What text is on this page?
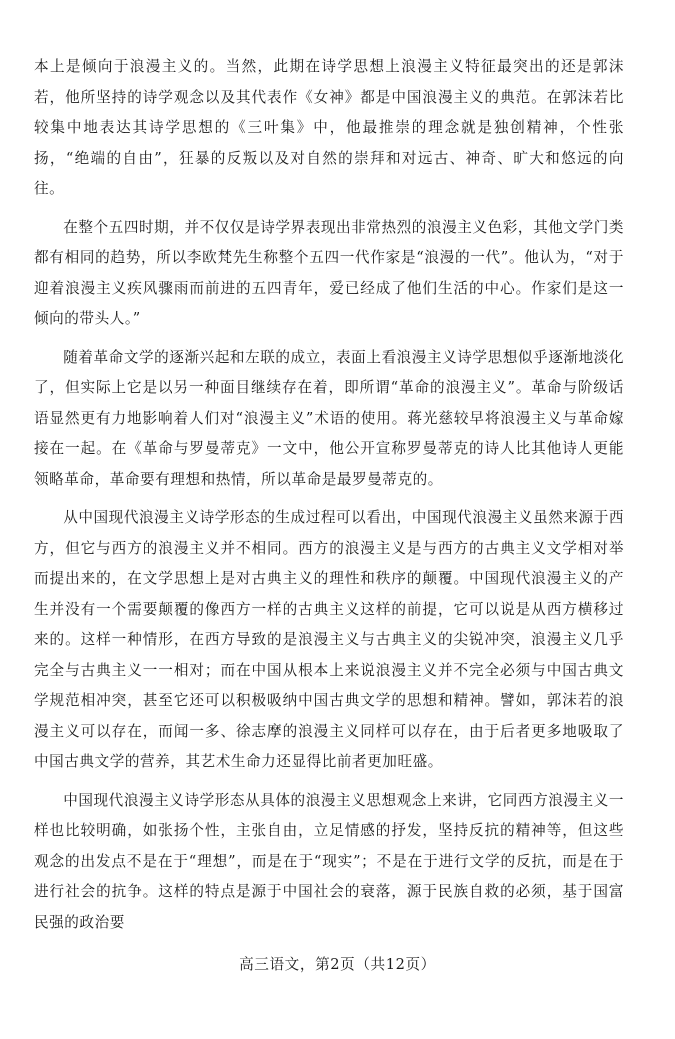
本上是倾向于浪漫主义的。当然，此期在诗学思想上浪漫主义特征最突出的还是郭沫若，他所坚持的诗学观念以及其代表作《女神》都是中国浪漫主义的典范。在郭沫若比较集中地表达其诗学思想的《三叶集》中，他最推崇的理念就是独创精神，个性张扬，“绝端的自由”，狂暴的反叛以及对自然的崇拜和对远古、神奇、旷大和悠远的向往。

在整个五四时期，并不仅仅是诗学界表现出非常热烈的浪漫主义色彩，其他文学门类都有相同的趋势，所以李欧梵先生称整个五四一代作家是“浪漫的一代”。他认为，“对于迎着浪漫主义疾风骤雨而前进的五四青年，爱已经成了他们生活的中心。作家们是这一倾向的带头人。”

随着革命文学的逐渐兴起和左联的成立，表面上看浪漫主义诗学思想似乎逐渐地淡化了，但实际上它是以另一种面目继续存在着，即所谓“革命的浪漫主义”。革命与阶级话语显然更有力地影响着人们对“浪漫主义”术语的使用。蒋光慈较早将浪漫主义与革命嫁接在一起。在《革命与罗曼蒂克》一文中，他公开宣称罗曼蒂克的诗人比其他诗人更能领略革命，革命要有理想和热情，所以革命是最罗曼蒂克的。

从中国现代浪漫主义诗学形态的生成过程可以看出，中国现代浪漫主义虽然来源于西方，但它与西方的浪漫主义并不相同。西方的浪漫主义是与西方的古典主义文学相对举而提出来的，在文学思想上是对古典主义的理性和秩序的颠覆。中国现代浪漫主义的产生并没有一个需要颠覆的像西方一样的古典主义这样的前提，它可以说是从西方横移过来的。这样一种情形，在西方导致的是浪漫主义与古典主义的尖锐冲突，浪漫主义几乎完全与古典主义一一相对；而在中国从根本上来说浪漫主义并不完全必须与中国古典文学规范相冲突，甚至它还可以积极吸纳中国古典文学的思想和精神。譬如，郭沫若的浪漫主义可以存在，而闻一多、徐志摩的浪漫主义同样可以存在，由于后者更多地吸取了中国古典文学的营养，其艺术生命力还显得比前者更加旺盛。

中国现代浪漫主义诗学形态从具体的浪漫主义思想观念上来讲，它同西方浪漫主义一样也比较明确，如张扬个性，主张自由，立足情感的抒发，坚持反抗的精神等，但这些观念的出发点不是在于“理想”，而是在于“现实”；不是在于进行文学的反抗，而是在于进行社会的抗争。这样的特点是源于中国社会的衰落，源于民族自救的必须，基于国富民强的政治要

高三语文，第2页（共12页）
